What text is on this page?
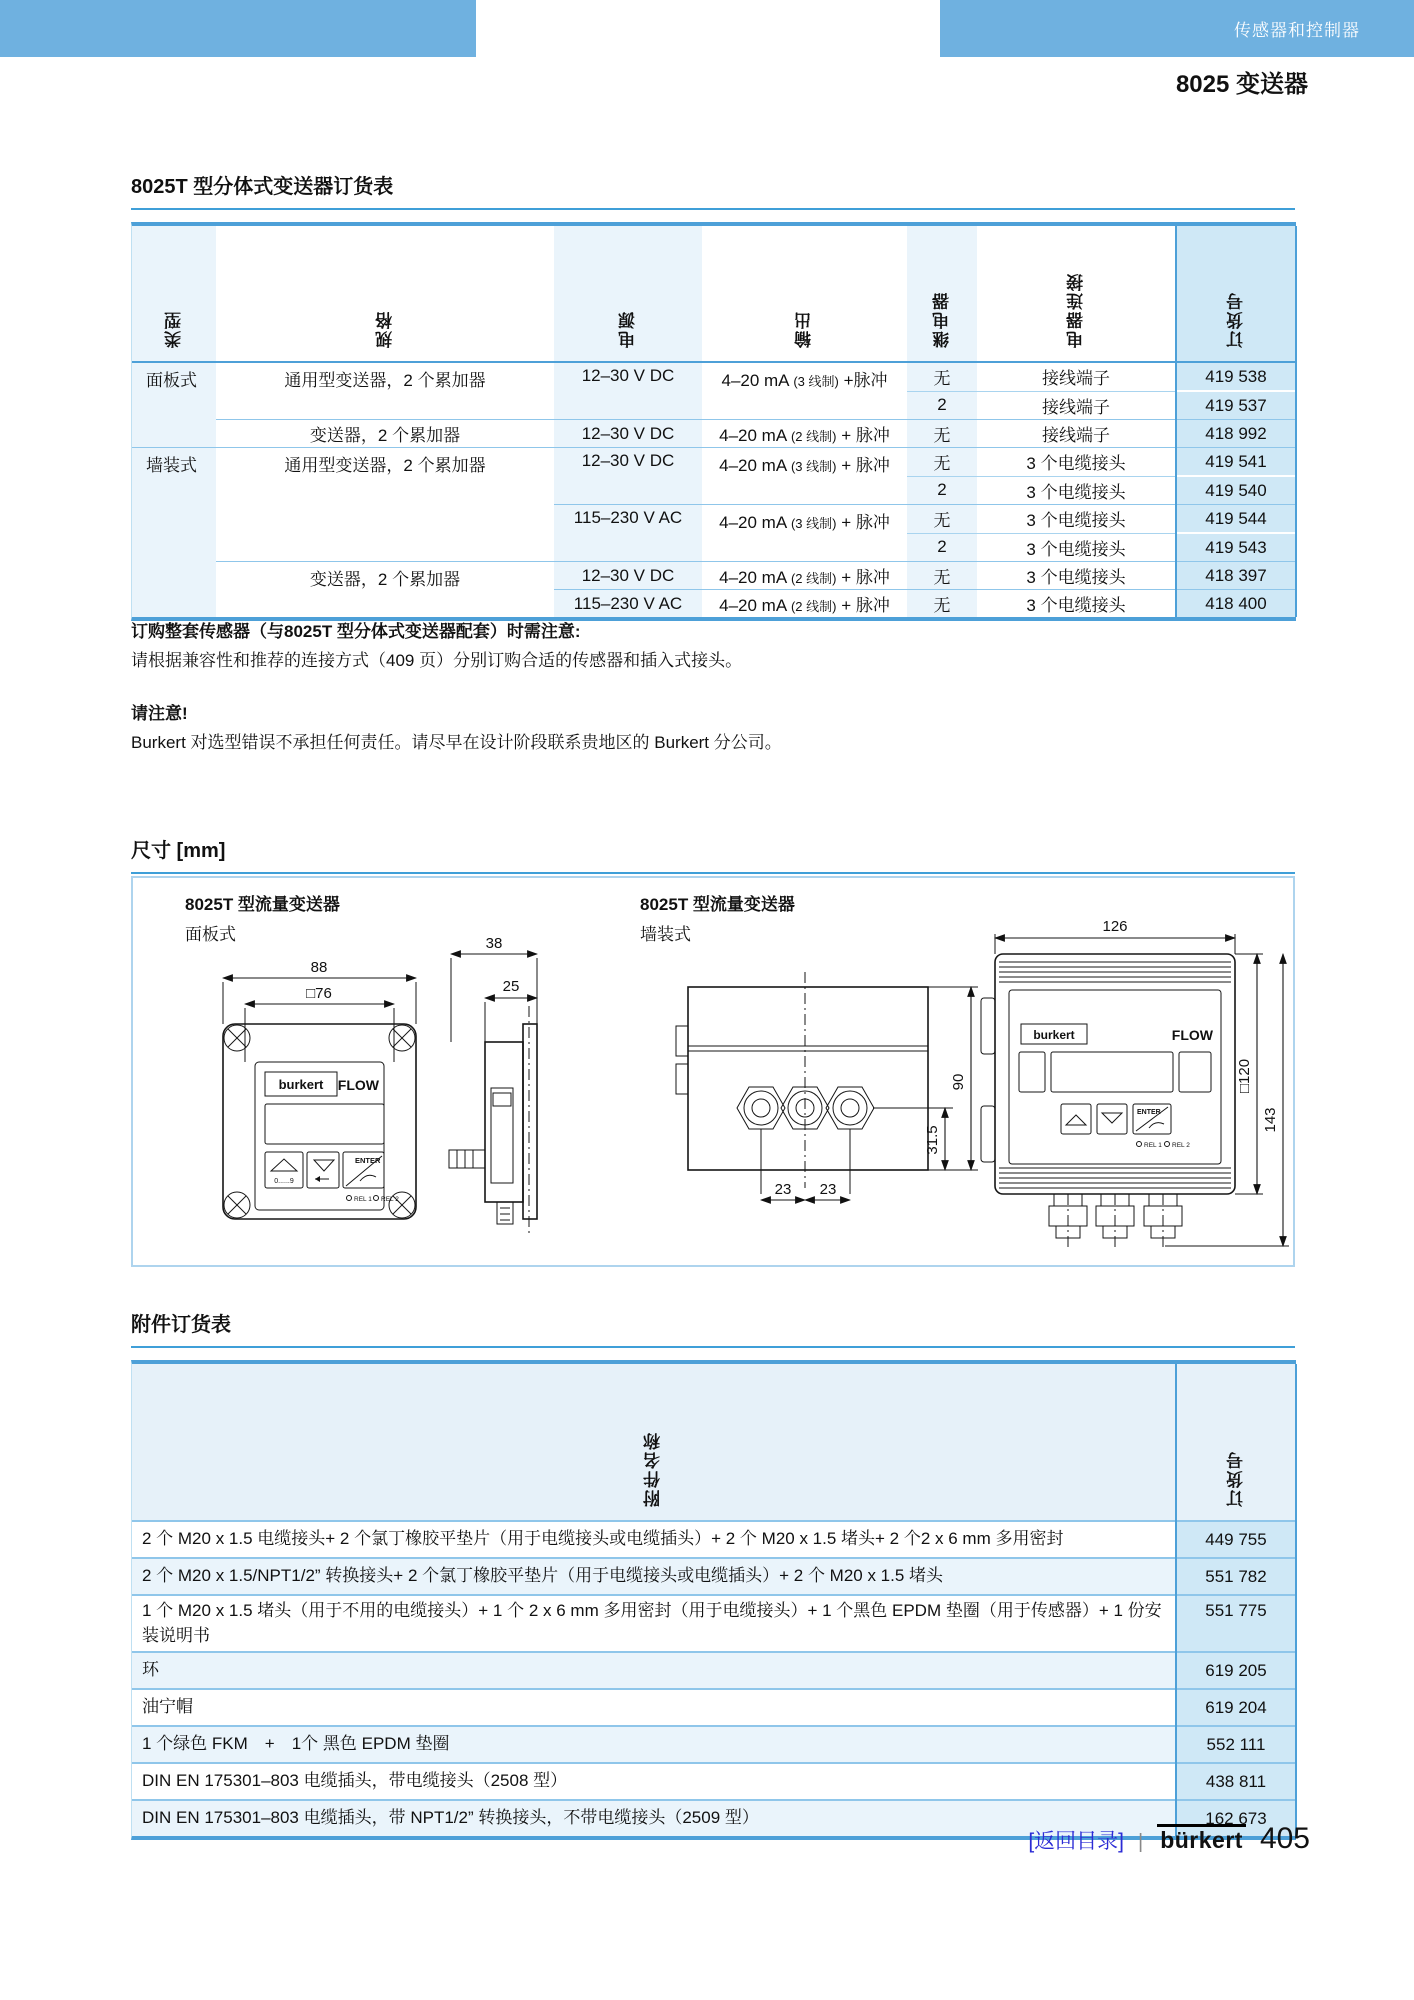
传感器和控制器
8025 变送器
8025T 型分体式变送器订货表
类型	规格	电源	输出	继电器	电器连接	订货号
面板式	通用型变送器，2 个累加器	12–30 V DC	4–20 mA (3 线制) +脉冲	无	接线端子	419 538
				2	接线端子	419 537
	变送器，2 个累加器	12–30 V DC	4–20 mA (2 线制) + 脉冲	无	接线端子	418 992
墙装式	通用型变送器，2 个累加器	12–30 V DC	4–20 mA (3 线制) + 脉冲	无	3 个电缆接头	419 541
				2	3 个电缆接头	419 540
		115–230 V AC	4–20 mA (3 线制) + 脉冲	无	3 个电缆接头	419 544
				2	3 个电缆接头	419 543
	变送器，2 个累加器	12–30 V DC	4–20 mA (2 线制) + 脉冲	无	3 个电缆接头	418 397
		115–230 V AC	4–20 mA (2 线制) + 脉冲	无	3 个电缆接头	418 400
订购整套传感器（与8025T 型分体式变送器配套）时需注意:
请根据兼容性和推荐的连接方式（409 页）分别订购合适的传感器和插入式接头。
请注意!
Burkert 对选型错误不承担任何责任。请尽早在设计阶段联系贵地区的 Burkert 分公司。
尺寸 [mm]
8025T 型流量变送器
面板式
8025T 型流量变送器
墙装式
burkert FLOW
0......9
ENTER
REL 1 REL 2
88
□76
38
25
90
31.5
23 23
burkert	FLOW
ENTER
REL 1 REL 2
126
□120
143
附件订货表
附件名称	订货号
2 个 M20 x 1.5 电缆接头+ 2 个氯丁橡胶平垫片（用于电缆接头或电缆插头）+ 2 个 M20 x 1.5 堵头+ 2 个2 x 6 mm 多用密封	449 755
2 个 M20 x 1.5/NPT1/2” 转换接头+ 2 个氯丁橡胶平垫片（用于电缆接头或电缆插头）+ 2 个 M20 x 1.5 堵头	551 782
1 个 M20 x 1.5 堵头（用于不用的电缆接头）+ 1 个 2 x 6 mm 多用密封（用于电缆接头）+ 1 个黑色 EPDM 垫圈（用于传感器）+ 1 份安装说明书	551 775
环	619 205
油宁帽	619 204
1 个绿色 FKM　+　1个 黑色 EPDM 垫圈	552 111
DIN EN 175301–803 电缆插头，带电缆接头（2508 型）	438 811
DIN EN 175301–803 电缆插头，带 NPT1/2” 转换接头，不带电缆接头（2509 型）	162 673
[返回目录] | bürkert 405
